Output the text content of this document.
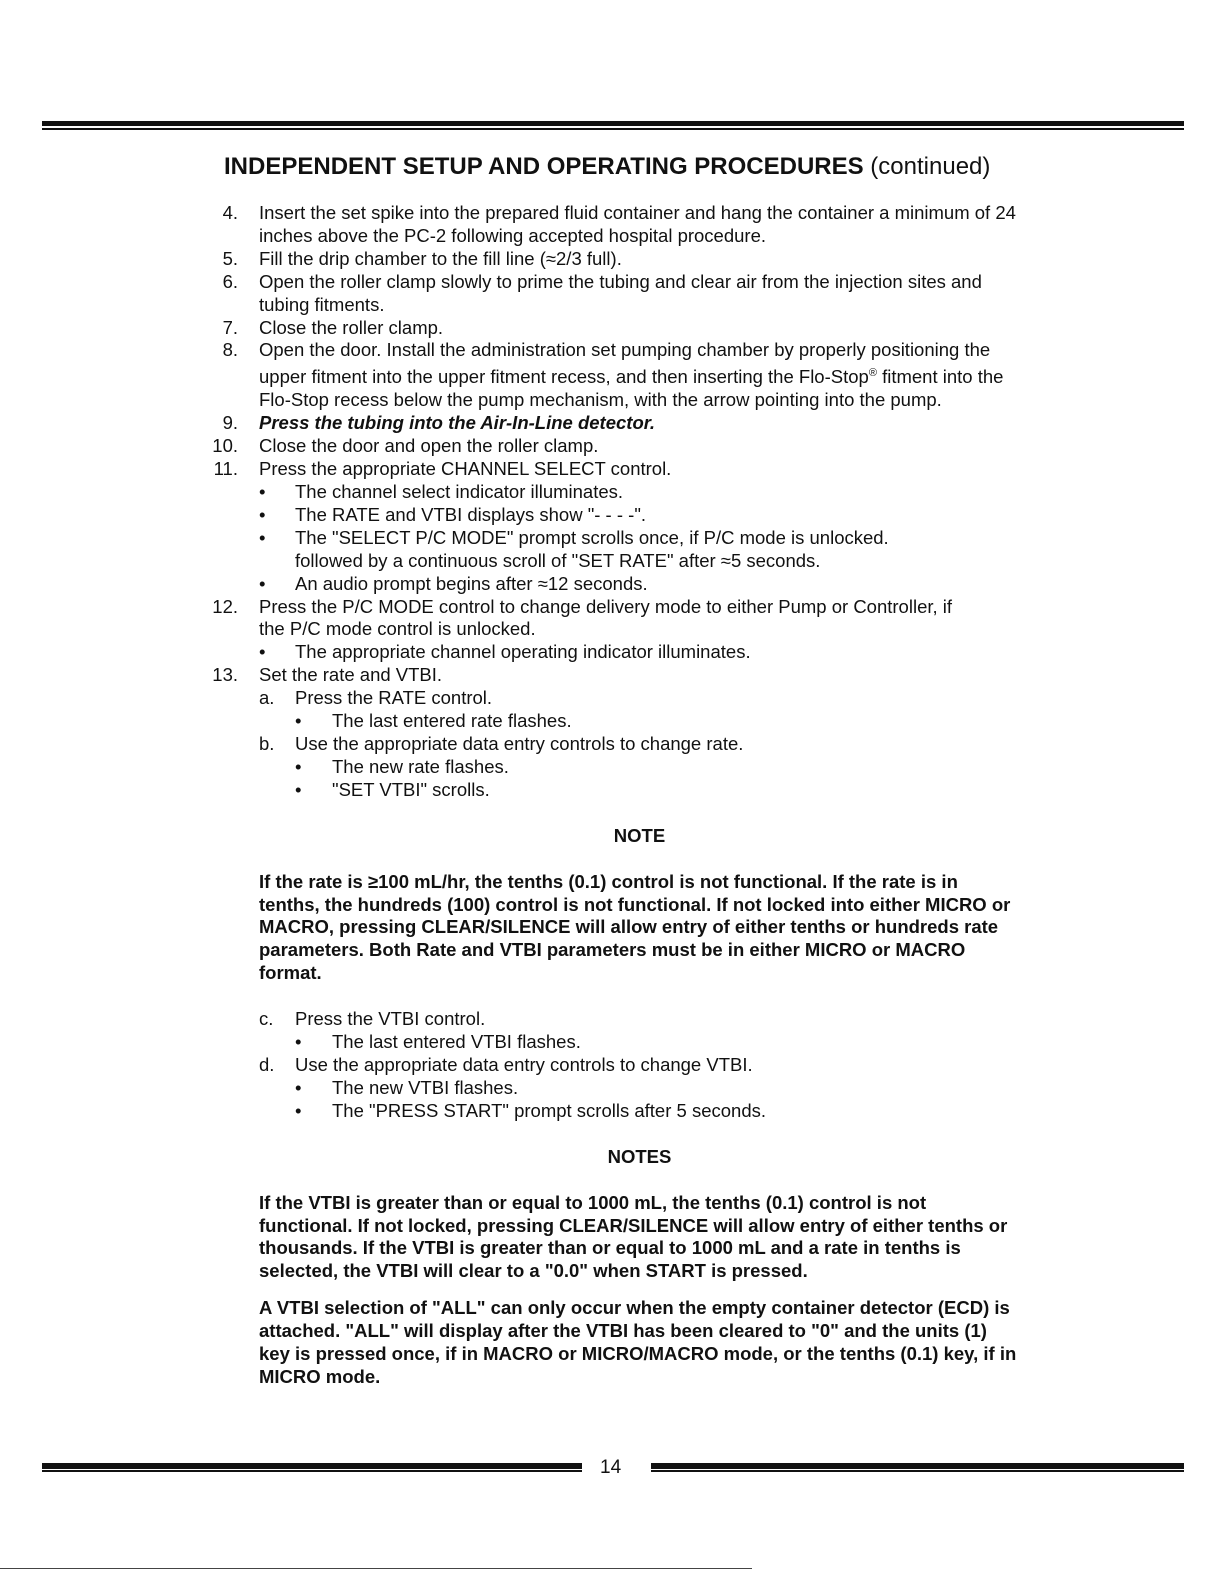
INDEPENDENT SETUP AND OPERATING PROCEDURES (continued)
4. Insert the set spike into the prepared fluid container and hang the container a minimum of 24 inches above the PC-2 following accepted hospital procedure.
5. Fill the drip chamber to the fill line (≈2/3 full).
6. Open the roller clamp slowly to prime the tubing and clear air from the injection sites and tubing fitments.
7. Close the roller clamp.
8. Open the door. Install the administration set pumping chamber by properly positioning the upper fitment into the upper fitment recess, and then inserting the Flo-Stop® fitment into the Flo-Stop recess below the pump mechanism, with the arrow pointing into the pump.
9. Press the tubing into the Air-In-Line detector.
10. Close the door and open the roller clamp.
11. Press the appropriate CHANNEL SELECT control.
• The channel select indicator illuminates.
• The RATE and VTBI displays show "- - - -".
• The "SELECT P/C MODE" prompt scrolls once, if P/C mode is unlocked. followed by a continuous scroll of "SET RATE" after ≈5 seconds.
• An audio prompt begins after ≈12 seconds.
12. Press the P/C MODE control to change delivery mode to either Pump or Controller, if the P/C mode control is unlocked.
• The appropriate channel operating indicator illuminates.
13. Set the rate and VTBI.
a. Press the RATE control.
• The last entered rate flashes.
b. Use the appropriate data entry controls to change rate.
• The new rate flashes.
• "SET VTBI" scrolls.
NOTE
If the rate is ≥100 mL/hr, the tenths (0.1) control is not functional. If the rate is in tenths, the hundreds (100) control is not functional. If not locked into either MICRO or MACRO, pressing CLEAR/SILENCE will allow entry of either tenths or hundreds rate parameters. Both Rate and VTBI parameters must be in either MICRO or MACRO format.
c. Press the VTBI control.
• The last entered VTBI flashes.
d. Use the appropriate data entry controls to change VTBI.
• The new VTBI flashes.
• The "PRESS START" prompt scrolls after 5 seconds.
NOTES
If the VTBI is greater than or equal to 1000 mL, the tenths (0.1) control is not functional. If not locked, pressing CLEAR/SILENCE will allow entry of either tenths or thousands. If the VTBI is greater than or equal to 1000 mL and a rate in tenths is selected, the VTBI will clear to a "0.0" when START is pressed.
A VTBI selection of "ALL" can only occur when the empty container detector (ECD) is attached. "ALL" will display after the VTBI has been cleared to "0" and the units (1) key is pressed once, if in MACRO or MICRO/MACRO mode, or the tenths (0.1) key, if in MICRO mode.
14
